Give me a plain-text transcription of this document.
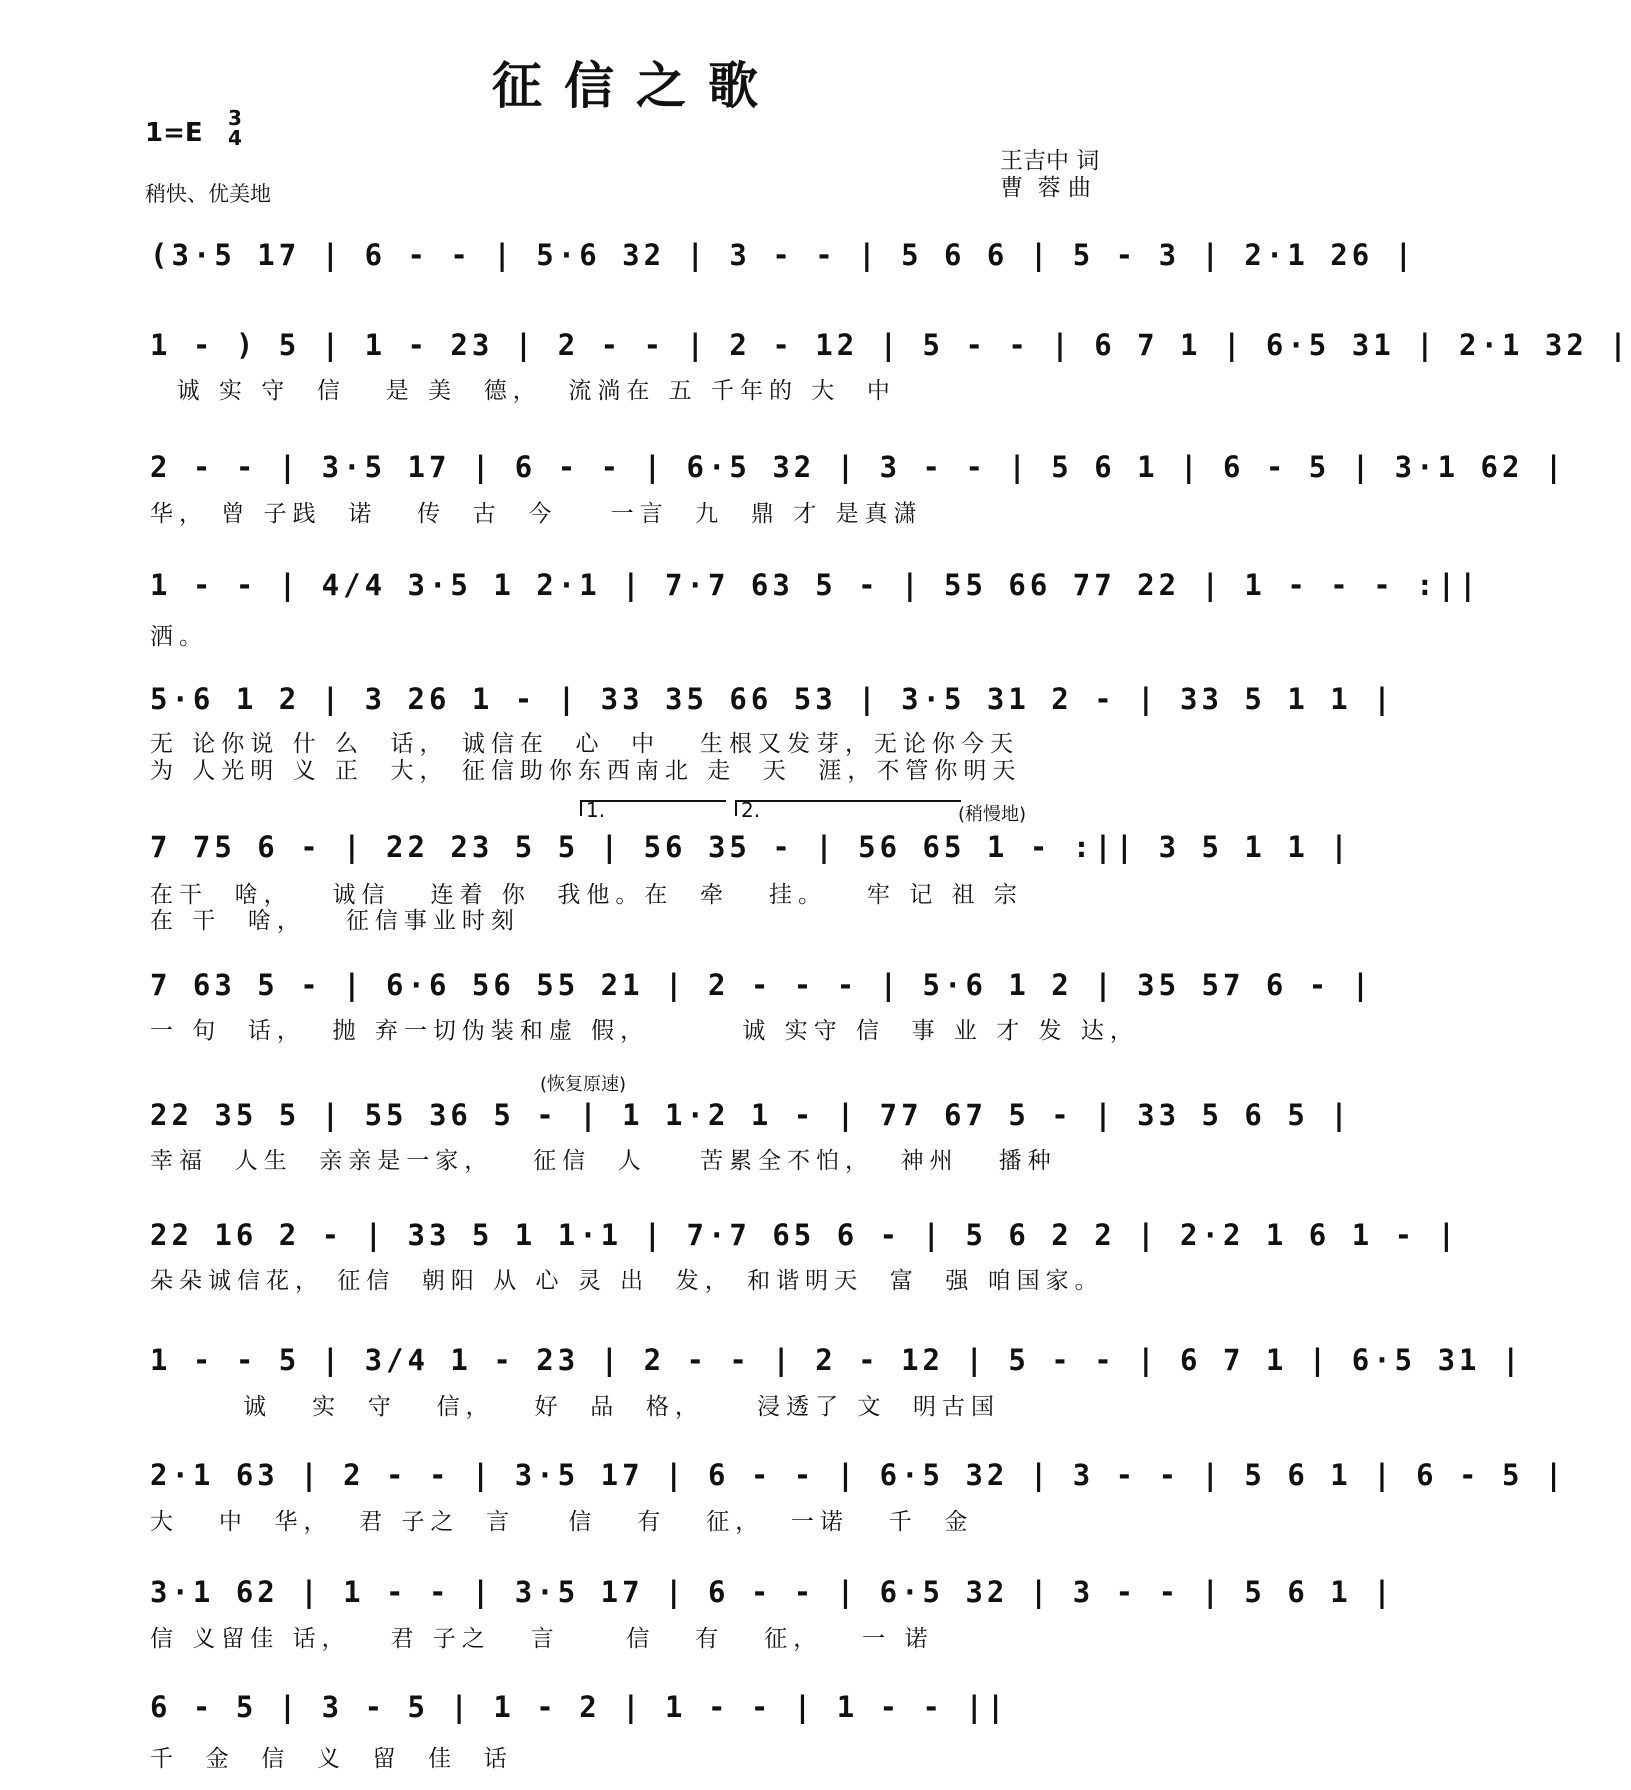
征信之歌
1=E 3
4
稍快、优美地
王吉中 词
曹  蓉 曲
1.	2.	(稍慢地)
(恢复原速)
(3·5 17 | 6 - - | 5·6 32 | 3 - - | 5 6 6 | 5 - 3 | 2·1 26 |
1 - ) 5 | 1 - 23 | 2 - - | 2 - 12 | 5 - - | 6 7 1 | 6·5 31 | 2·1 32 |
诚 实 守  信   是 美  德，  流淌在 五 千年的 大  中
2 - - | 3·5 17 | 6 - - | 6·5 32 | 3 - - | 5 6 1 | 6 - 5 | 3·1 62 |
华， 曾 子践  诺   传  古  今    一言  九  鼎 才 是真潇
1 - - | 4/4 3·5 1 2·1 | 7·7 63 5 - | 55 66 77 22 | 1 - - - :||
洒。
5·6 1 2 | 3 26 1 - | 33 35 66 53 | 3·5 31 2 - | 33 5 1 1 |
无 论你说 什 么  话， 诚信在  心  中   生根又发芽，无论你今天
为 人光明 义 正  大， 征信助你东西南北 走  天  涯，不管你明天
7 75 6 - | 22 23 5 5 | 56 35 - | 56 65 1 - :|| 3 5 1 1 |
在干  啥，   诚信   连着 你  我他。在  牵   挂。   牢 记 祖 宗
在 干  啥，   征信事业时刻
7 63 5 - | 6·6 56 55 21 | 2 - - - | 5·6 1 2 | 35 57 6 - |
一 句  话，  抛 弃一切伪装和虚 假，       诚 实守 信  事 业 才 发 达，
22 35 5 | 55 36 5 - | 1 1·2 1 - | 77 67 5 - | 33 5 6 5 |
幸福  人生  亲亲是一家，   征信  人    苦累全不怕，  神州   播种
22 16 2 - | 33 5 1 1·1 | 7·7 65 6 - | 5 6 2 2 | 2·2 1 6 1 - |
朵朵诚信花， 征信  朝阳 从 心 灵 出  发， 和谐明天  富  强 咱国家。
1 - - 5 | 3/4 1 - 23 | 2 - - | 2 - 12 | 5 - - | 6 7 1 | 6·5 31 |
诚   实  守   信，   好  品  格，    浸透了 文  明古国
2·1 63 | 2 - - | 3·5 17 | 6 - - | 6·5 32 | 3 - - | 5 6 1 | 6 - 5 |
大   中  华，  君 子之  言    信   有   征，  一诺   千  金
3·1 62 | 1 - - | 3·5 17 | 6 - - | 6·5 32 | 3 - - | 5 6 1 |
信 义留佳 话，   君 子之   言     信   有   征，   一 诺
6 - 5 | 3 - 5 | 1 - 2 | 1 - - | 1 - - ||
千  金  信  义  留  佳  话
